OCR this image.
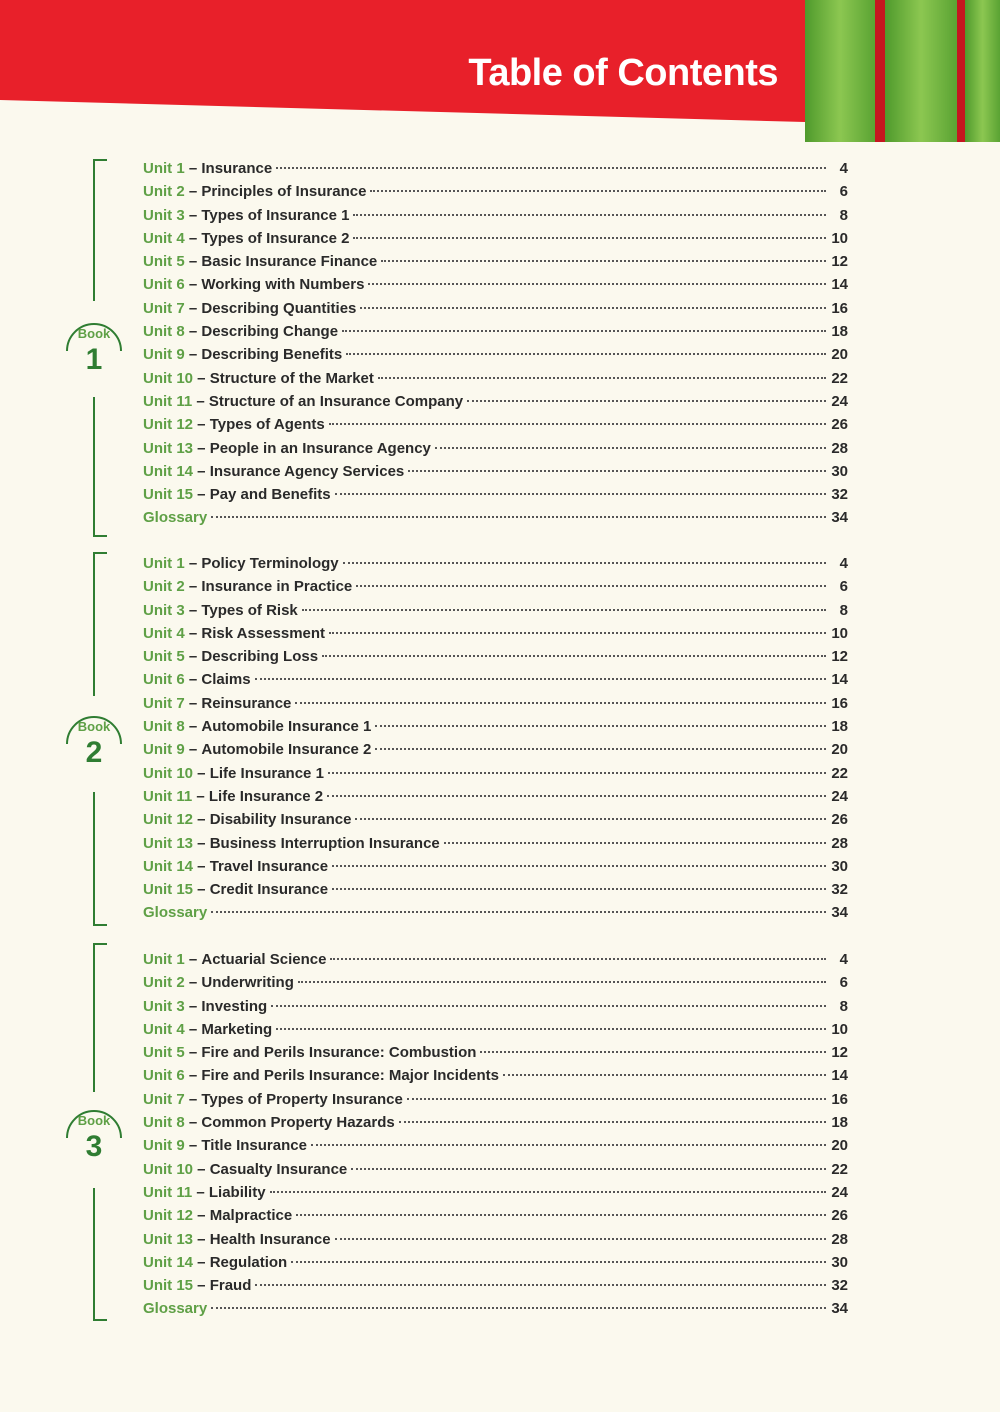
Table of Contents
Book
1
Unit 1 – Insurance	4
Unit 2 – Principles of Insurance	6
Unit 3 – Types of Insurance 1	8
Unit 4 – Types of Insurance 2	10
Unit 5 – Basic Insurance Finance	12
Unit 6 – Working with Numbers	14
Unit 7 – Describing Quantities	16
Unit 8 – Describing Change	18
Unit 9 – Describing Benefits	20
Unit 10 – Structure of the Market	22
Unit 11 – Structure of an Insurance Company	24
Unit 12 – Types of Agents	26
Unit 13 – People in an Insurance Agency	28
Unit 14 – Insurance Agency Services	30
Unit 15 – Pay and Benefits	32
Glossary	34
Book
2
Unit 1 – Policy Terminology	4
Unit 2 – Insurance in Practice	6
Unit 3 – Types of Risk	8
Unit 4 – Risk Assessment	10
Unit 5 – Describing Loss	12
Unit 6 – Claims	14
Unit 7 – Reinsurance	16
Unit 8 – Automobile Insurance 1	18
Unit 9 – Automobile Insurance 2	20
Unit 10 – Life Insurance 1	22
Unit 11 – Life Insurance 2	24
Unit 12 – Disability Insurance	26
Unit 13 – Business Interruption Insurance	28
Unit 14 – Travel Insurance	30
Unit 15 – Credit Insurance	32
Glossary	34
Book
3
Unit 1 – Actuarial Science	4
Unit 2 – Underwriting	6
Unit 3 – Investing	8
Unit 4 – Marketing	10
Unit 5 – Fire and Perils Insurance: Combustion	12
Unit 6 – Fire and Perils Insurance: Major Incidents	14
Unit 7 – Types of Property Insurance	16
Unit 8 – Common Property Hazards	18
Unit 9 – Title Insurance	20
Unit 10 – Casualty Insurance	22
Unit 11 – Liability	24
Unit 12 – Malpractice	26
Unit 13 – Health Insurance	28
Unit 14 – Regulation	30
Unit 15 – Fraud	32
Glossary	34
